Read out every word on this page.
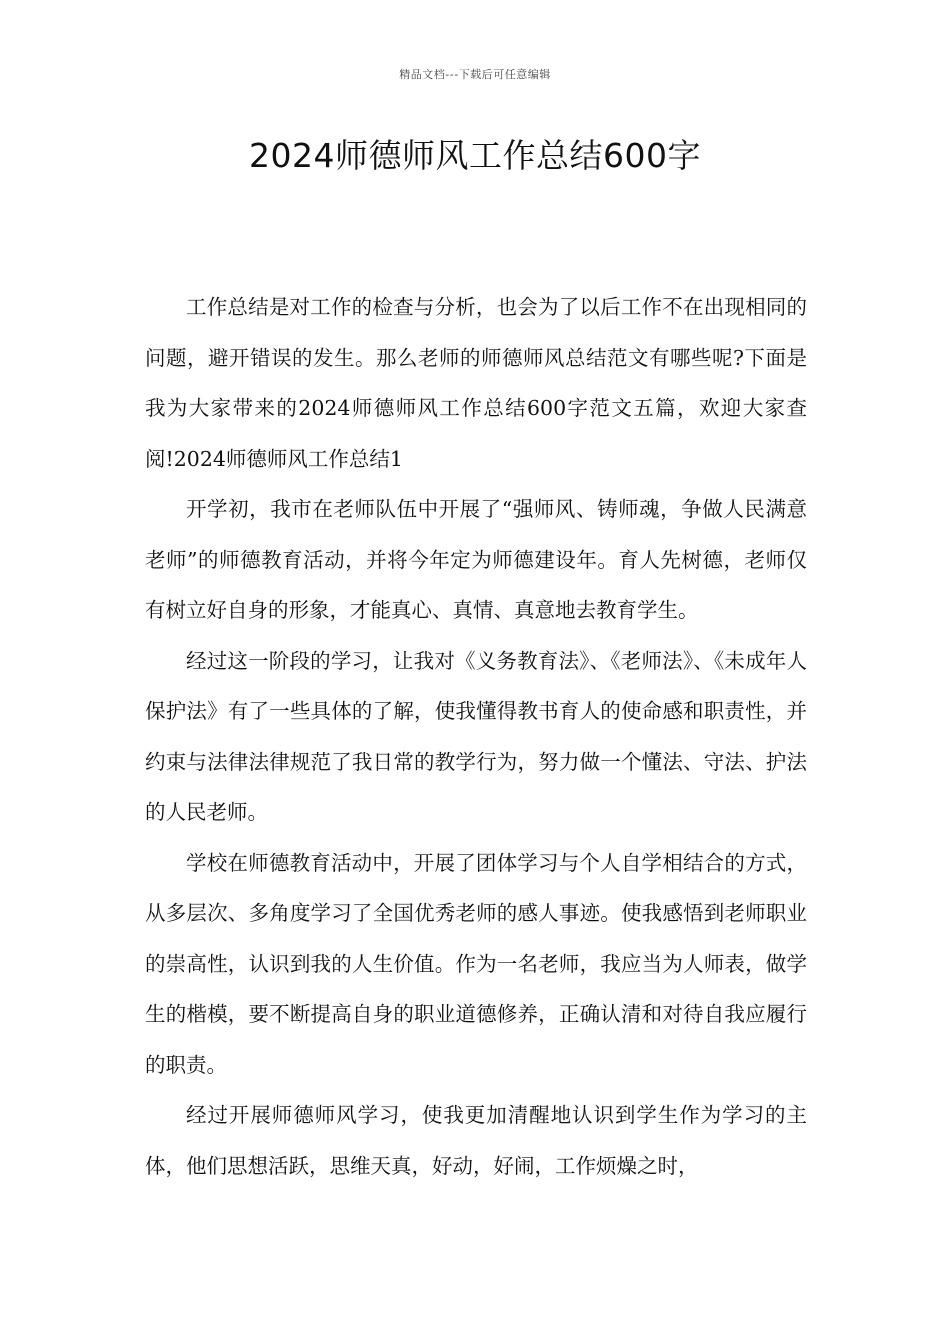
精品文档---下载后可任意编辑
2024师德师风工作总结600字

工作总结是对工作的检查与分析，也会为了以后工作不在出现相同的问题，避开错误的发生。那么老师的师德师风总结范文有哪些呢?下面是我为大家带来的2024师德师风工作总结600字范文五篇，欢迎大家查阅!2024师德师风工作总结1

开学初，我市在老师队伍中开展了“强师风、铸师魂，争做人民满意老师”的师德教育活动，并将今年定为师德建设年。育人先树德，老师仅有树立好自身的形象，才能真心、真情、真意地去教育学生。

经过这一阶段的学习，让我对《义务教育法》、《老师法》、《未成年人保护法》有了一些具体的了解，使我懂得教书育人的使命感和职责性，并约束与法律法律规范了我日常的教学行为，努力做一个懂法、守法、护法的人民老师。

学校在师德教育活动中，开展了团体学习与个人自学相结合的方式，从多层次、多角度学习了全国优秀老师的感人事迹。使我感悟到老师职业的崇高性，认识到我的人生价值。作为一名老师，我应当为人师表，做学生的楷模，要不断提高自身的职业道德修养，正确认清和对待自我应履行的职责。

经过开展师德师风学习，使我更加清醒地认识到学生作为学习的主体，他们思想活跃，思维天真，好动，好闹，工作烦燥之时，
